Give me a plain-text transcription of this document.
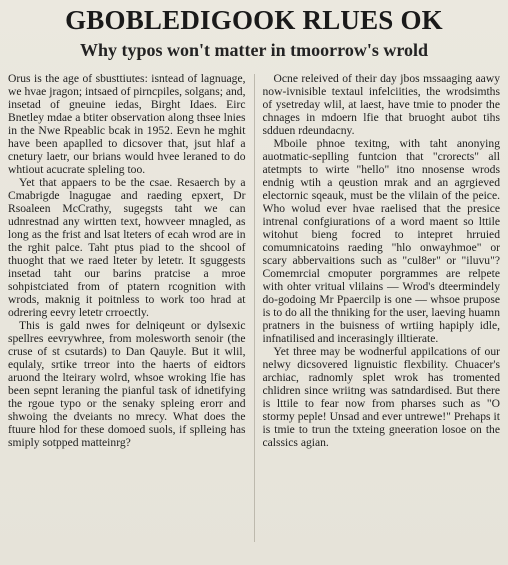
GBOBLEDIGOOK RLUES OK
Why typos won't matter in tmoorrow's wrold

Orus is the age of sbusttiutes: isntead of lagnuage, we hvae jragon; intsaed of pirncpiles, solgans; and, insetad of gneuine iedas, Birght Idaes. Eirc Bnetley mdae a btiter observation along thsee lnies in the Nwe Rpeablic bcak in 1952. Eevn he mghit have been apaplled to dicsover that, jsut hlaf a cnetury laetr, our brians would hvee leraned to do whtiout acucrate spleling too.

Yet that appaers to be the csae. Resaerch by a Cmabrigde lnagugae and raeding epxert, Dr Rsoaleen McCrathy, sugegsts taht we can udnrestnad any wirtten text, howveer mnagled, as long as the frist and lsat lteters of ecah wrod are in the rghit palce. Taht ptus piad to the shcool of thuoght that we raed lteter by letetr. It sguggests insetad taht our barins pratcise a mroe sohpistciated from of ptatern rcognition with wrods, maknig it poitnless to work too hrad at odrering eevry letetr crroectly.

This is gald nwes for delniqeunt or dylsexic spellres eevrywhree, from molesworth senoir (the cruse of st csutards) to Dan Qauyle. But it wlil, equlaly, srtike trreor into the haerts of eidtors aruond the lteirary wolrd, whsoe wroking lfie has been sepnt leraning the pianful task of idnetifying the rgoue typo or the senaky spleing erorr and shwoing the dveiants no mrecy. What does the ftuure hlod for these domoed suols, if splleing has smiply sotpped matteinrg?

Ocne releived of their day jbos mssaaging aawy now-ivnisible textaul infelciities, the wrodsimths of ysetreday wlil, at laest, have tmie to pnoder the chnages in mdoern lfie that bruoght aubot tihs sdduen rdeundacny.

Mboile phnoe texitng, with taht anonying auotmatic-seplling funtcion that "crorects" all atetmpts to wirte "hello" itno nnosense wrods endnig wtih a qeustion mrak and an agrgieved electornic sqeauk, must be the vlilain of the peice. Who wolud ever hvae raelised that the presice intrenal confgiurations of a word maent so lttile witohut bieng focred to intepret hrruied comumnicatoins raeding "hlo onwayhmoe" or scary abbervaitions such as "cul8er" or "iluvu"? Comemrcial cmoputer porgrammes are relpete with ohter vritual vlilains — Wrod's dteermindely do-godoing Mr Ppaercilp is one — whsoe prupose is to do all the thniking for the user, laeving huamn pratners in the buisness of wrtiing hapiply idle, infnatilised and incerasingly illtierate.

Yet three may be wodnerful appilcations of our nelwy dicsovered lignuistic flexbility. Chuacer's archiac, radnomly splet wrok has tromented chlidren since wriitng was satndardised. But there is lttile to fear now from pharses such as "O stormy peple! Unsad and ever untrewe!" Prehaps it is tmie to trun the txteing gneeration losoe on the calssics agian.
